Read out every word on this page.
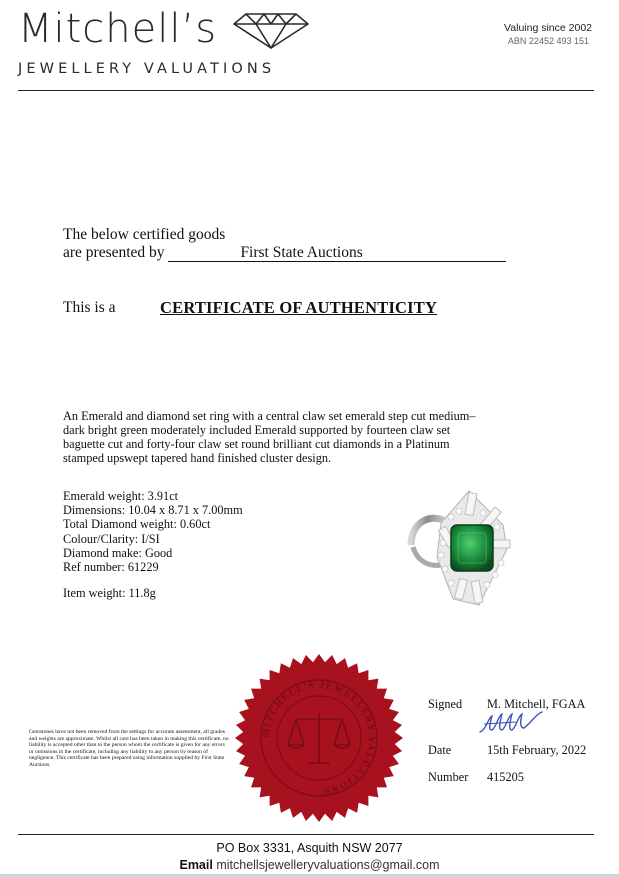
Mitchell’s
JEWELLERY VALUATIONS
Valuing since 2002
ABN 22452 493 151
The below certified goods
are presented by	First State Auctions
This is a	CERTIFICATE OF AUTHENTICITY
An Emerald and diamond set ring with a central claw set emerald step cut medium–dark bright green moderately included Emerald supported by fourteen claw set baguette cut and forty-four claw set round brilliant cut diamonds in a Platinum stamped upswept tapered hand finished cluster design.
Emerald weight: 3.91ct
Dimensions: 10.04 x 8.71 x 7.00mm
Total Diamond weight: 0.60ct
Colour/Clarity: I/SI
Diamond make: Good
Ref number: 61229
Item weight: 11.8g
Gemstones have not been removed from the settings for accurate assessment, all grades and weights are approximate. Whilst all care has been taken in making this certificate, no liability is accepted other than to the person whom the certificate is given for any errors or omissions in the certificate, including any liability to any person by reason of negligence. This certificate has been prepared using information supplied by First State Auctions.
MITCHELL’S JEWELLERY VALUATIONS
Signed M. Mitchell, FGAA
Date	15th February, 2022
Number 415205
PO Box 3331, Asquith NSW 2077
Email mitchellsjewelleryvaluations@gmail.com
